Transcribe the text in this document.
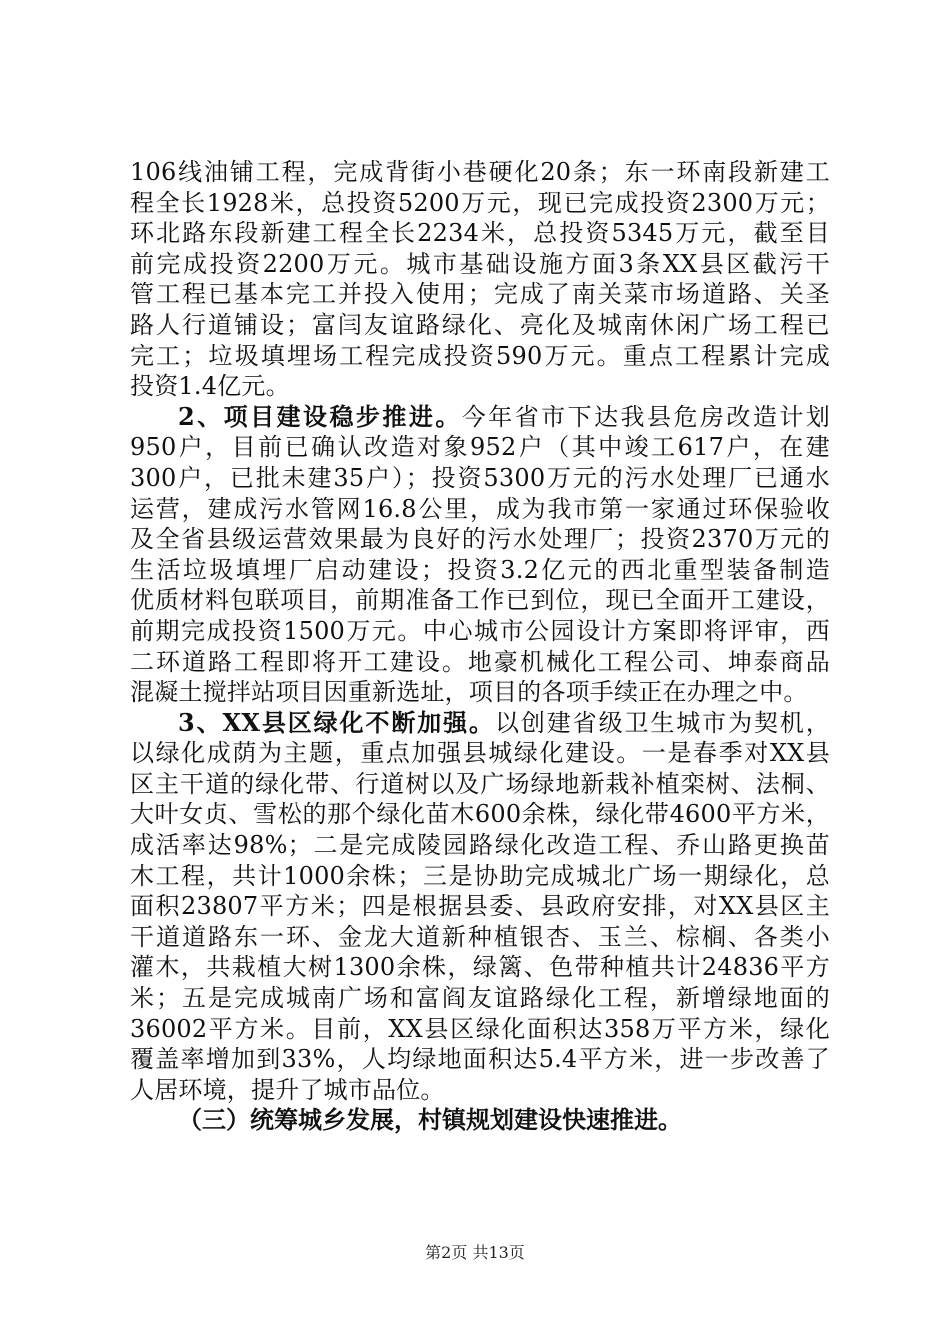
106线油铺工程，完成背街小巷硬化20条；东一环南段新建工
程全长1928米，总投资5200万元，现已完成投资2300万元；
环北路东段新建工程全长2234米，总投资5345万元，截至目
前完成投资2200万元。城市基础设施方面3条XX县区截污干
管工程已基本完工并投入使用；完成了南关菜市场道路、关圣
路人行道铺设；富闫友谊路绿化、亮化及城南休闲广场工程已
完工；垃圾填埋场工程完成投资590万元。重点工程累计完成
投资1.4亿元。
2、项目建设稳步推进。今年省市下达我县危房改造计划
950户，目前已确认改造对象952户（其中竣工617户，在建
300户，已批未建35户）；投资5300万元的污水处理厂已通水
运营，建成污水管网16.8公里，成为我市第一家通过环保验收
及全省县级运营效果最为良好的污水处理厂；投资2370万元的
生活垃圾填埋厂启动建设；投资3.2亿元的西北重型装备制造
优质材料包联项目，前期准备工作已到位，现已全面开工建设，
前期完成投资1500万元。中心城市公园设计方案即将评审，西
二环道路工程即将开工建设。地豪机械化工程公司、坤泰商品
混凝土搅拌站项目因重新选址，项目的各项手续正在办理之中。
3、XX县区绿化不断加强。以创建省级卫生城市为契机，
以绿化成荫为主题，重点加强县城绿化建设。一是春季对XX县
区主干道的绿化带、行道树以及广场绿地新栽补植栾树、法桐、
大叶女贞、雪松的那个绿化苗木600余株，绿化带4600平方米，
成活率达98%；二是完成陵园路绿化改造工程、乔山路更换苗
木工程，共计1000余株；三是协助完成城北广场一期绿化，总
面积23807平方米；四是根据县委、县政府安排，对XX县区主
干道道路东一环、金龙大道新种植银杏、玉兰、棕榈、各类小
灌木，共栽植大树1300余株，绿篱、色带种植共计24836平方
米；五是完成城南广场和富阎友谊路绿化工程，新增绿地面的
36002平方米。目前，XX县区绿化面积达358万平方米，绿化
覆盖率增加到33%，人均绿地面积达5.4平方米，进一步改善了
人居环境，提升了城市品位。
（三）统筹城乡发展，村镇规划建设快速推进。
第2页 共13页
